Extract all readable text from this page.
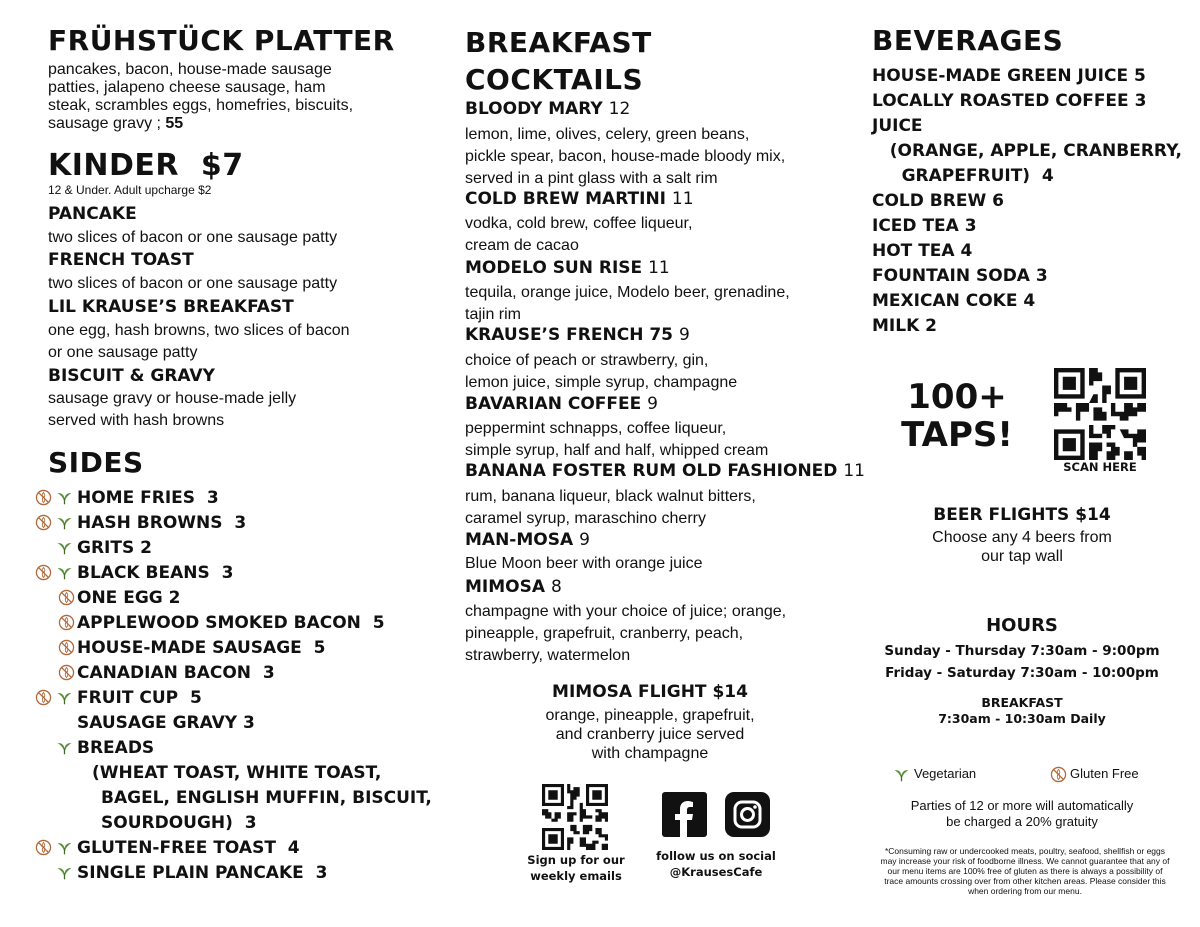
FRÜHSTÜCK PLATTER
pancakes, bacon, house-made sausage
patties, jalapeno cheese sausage, ham
steak, scrambles eggs, homefries, biscuits,
sausage gravy ; 55
KINDER $7
12 & Under. Adult upcharge $2
PANCAKE
two slices of bacon or one sausage patty
FRENCH TOAST
two slices of bacon or one sausage patty
LIL KRAUSE’S BREAKFAST
one egg, hash browns, two slices of bacon
or one sausage patty
BISCUIT & GRAVY
sausage gravy or house-made jelly
served with hash browns
SIDES
HOME FRIES 3
HASH BROWNS 3
GRITS 2
BLACK BEANS 3
ONE EGG 2
APPLEWOOD SMOKED BACON 5
HOUSE-MADE SAUSAGE 5
CANADIAN BACON 3
FRUIT CUP 5
SAUSAGE GRAVY 3
BREADS
(WHEAT TOAST, WHITE TOAST,
BAGEL, ENGLISH MUFFIN, BISCUIT,
SOURDOUGH) 3
GLUTEN-FREE TOAST 4
SINGLE PLAIN PANCAKE 3
BREAKFAST
COCKTAILS
BLOODY MARY 12
lemon, lime, olives, celery, green beans,
pickle spear, bacon, house-made bloody mix,
served in a pint glass with a salt rim
COLD BREW MARTINI 11
vodka, cold brew, coffee liqueur,
cream de cacao
MODELO SUN RISE 11
tequila, orange juice, Modelo beer, grenadine,
tajin rim
KRAUSE’S FRENCH 75 9
choice of peach or strawberry, gin,
lemon juice, simple syrup, champagne
BAVARIAN COFFEE 9
peppermint schnapps, coffee liqueur,
simple syrup, half and half, whipped cream
BANANA FOSTER RUM OLD FASHIONED 11
rum, banana liqueur, black walnut bitters,
caramel syrup, maraschino cherry
MAN-MOSA 9
Blue Moon beer with orange juice
MIMOSA 8
champagne with your choice of juice; orange,
pineapple, grapefruit, cranberry, peach,
strawberry, watermelon
MIMOSA FLIGHT $14
orange, pineapple, grapefruit,
and cranberry juice served
with champagne
Sign up for our
weekly emails
follow us on social
@KrausesCafe
BEVERAGES
HOUSE-MADE GREEN JUICE 5
LOCALLY ROASTED COFFEE 3
JUICE
(ORANGE, APPLE, CRANBERRY,
GRAPEFRUIT)  4
COLD BREW 6
ICED TEA 3
HOT TEA 4
FOUNTAIN SODA 3
MEXICAN COKE 4
MILK 2
100+
TAPS!
SCAN HERE
BEER FLIGHTS $14
Choose any 4 beers from
our tap wall
HOURS
Sunday - Thursday 7:30am - 9:00pm
Friday - Saturday 7:30am - 10:00pm
BREAKFAST
7:30am - 10:30am Daily
Vegetarian	Gluten Free
Parties of 12 or more will automatically
be charged a 20% gratuity
*Consuming raw or undercooked meats, poultry, seafood, shellfish or eggs may increase your risk of foodborne illness. We cannot guarantee that any of our menu items are 100% free of gluten as there is always a possibility of trace amounts crossing over from other kitchen areas. Please consider this when ordering from our menu.
